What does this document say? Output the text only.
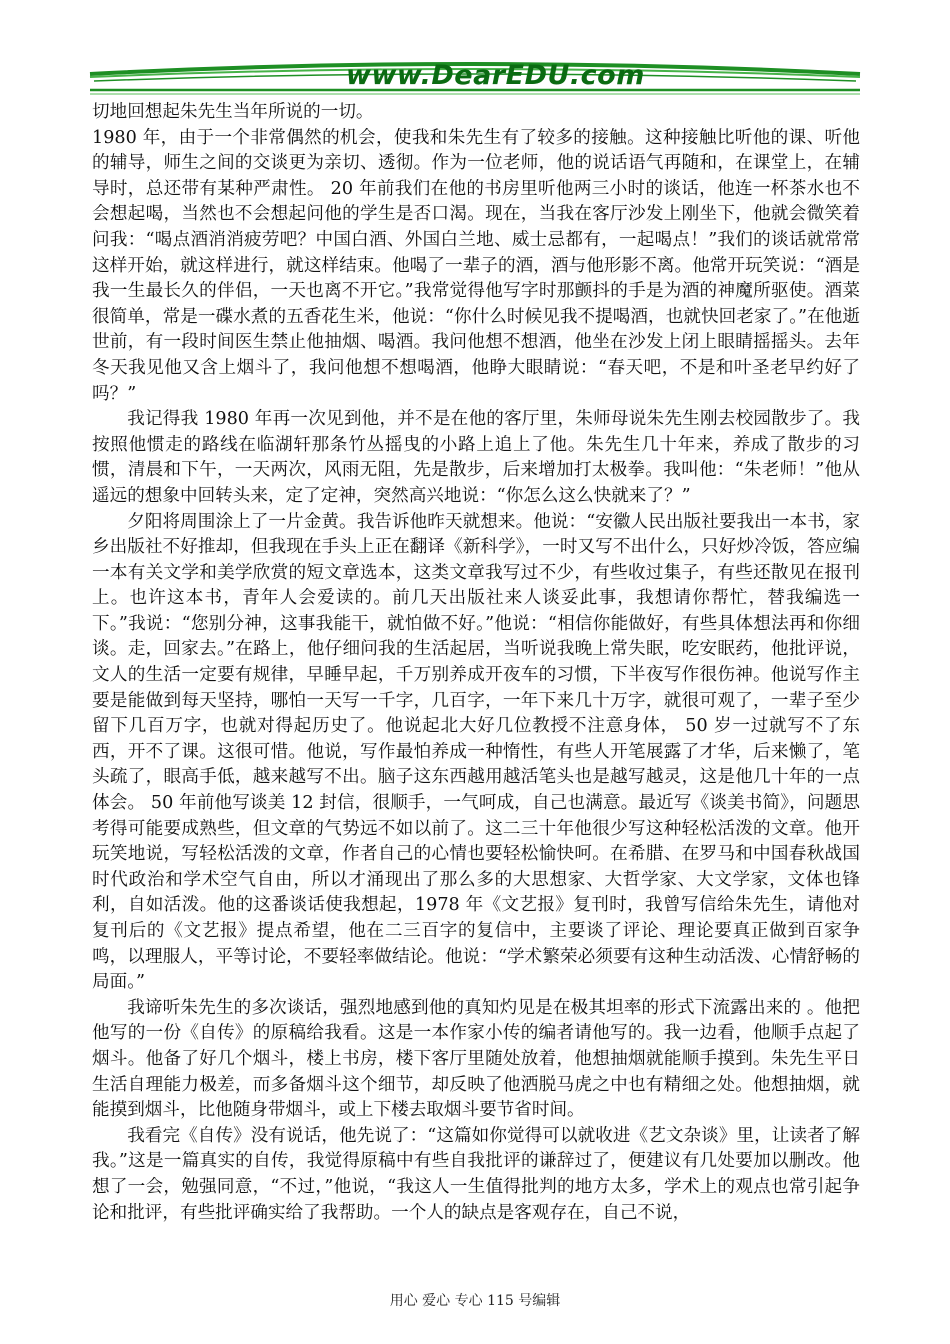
www.DearEDU.com

切地回想起朱先生当年所说的一切。

1980 年，由于一个非常偶然的机会，使我和朱先生有了较多的接触。这种接触比听他的课、听他的辅导，师生之间的交谈更为亲切、透彻。作为一位老师，他的说话语气再随和，在课堂上，在辅导时，总还带有某种严肃性。 20 年前我们在他的书房里听他两三小时的谈话，他连一杯茶水也不会想起喝，当然也不会想起问他的学生是否口渴。现在，当我在客厅沙发上刚坐下，他就会微笑着问我：“喝点酒消消疲劳吧？中国白酒、外国白兰地、威士忌都有，一起喝点！”我们的谈话就常常这样开始，就这样进行，就这样结束。他喝了一辈子的酒，酒与他形影不离。他常开玩笑说：“酒是我一生最长久的伴侣，一天也离不开它。”我常觉得他写字时那颤抖的手是为酒的神魔所驱使。酒菜很简单，常是一碟水煮的五香花生米，他说：“你什么时候见我不提喝酒，也就快回老家了。”在他逝世前，有一段时间医生禁止他抽烟、喝酒。我问他想不想酒，他坐在沙发上闭上眼睛摇摇头。去年冬天我见他又含上烟斗了，我问他想不想喝酒，他睁大眼睛说：“春天吧，不是和叶圣老早约好了吗？”

我记得我 1980 年再一次见到他，并不是在他的客厅里，朱师母说朱先生刚去校园散步了。我按照他惯走的路线在临湖轩那条竹丛摇曳的小路上追上了他。朱先生几十年来，养成了散步的习惯，清晨和下午，一天两次，风雨无阻，先是散步，后来增加打太极拳。我叫他：“朱老师！”他从遥远的想象中回转头来，定了定神，突然高兴地说：“你怎么这么快就来了？”

夕阳将周围涂上了一片金黄。我告诉他昨天就想来。他说：“安徽人民出版社要我出一本书，家乡出版社不好推却，但我现在手头上正在翻译《新科学》，一时又写不出什么，只好炒冷饭，答应编一本有关文学和美学欣赏的短文章选本，这类文章我写过不少，有些收过集子，有些还散见在报刊上。也许这本书，青年人会爱读的。前几天出版社来人谈妥此事，我想请你帮忙，替我编选一下。”我说：“您别分神，这事我能干，就怕做不好。”他说：“相信你能做好，有些具体想法再和你细谈。走，回家去。”在路上，他仔细问我的生活起居，当听说我晚上常失眠，吃安眠药，他批评说，文人的生活一定要有规律，早睡早起，千万别养成开夜车的习惯，下半夜写作很伤神。他说写作主要是能做到每天坚持，哪怕一天写一千字，几百字，一年下来几十万字，就很可观了，一辈子至少留下几百万字，也就对得起历史了。他说起北大好几位教授不注意身体， 50 岁一过就写不了东西，开不了课。这很可惜。他说，写作最怕养成一种惰性，有些人开笔展露了才华，后来懒了，笔头疏了，眼高手低，越来越写不出。脑子这东西越用越活笔头也是越写越灵，这是他几十年的一点体会。 50 年前他写谈美 12 封信，很顺手，一气呵成，自己也满意。最近写《谈美书简》，问题思考得可能要成熟些，但文章的气势远不如以前了。这二三十年他很少写这种轻松活泼的文章。他开玩笑地说，写轻松活泼的文章，作者自己的心情也要轻松愉快呵。在希腊、在罗马和中国春秋战国时代政治和学术空气自由，所以才涌现出了那么多的大思想家、大哲学家、大文学家，文体也锋利，自如活泼。他的这番谈话使我想起，1978 年《文艺报》复刊时，我曾写信给朱先生，请他对复刊后的《文艺报》提点希望，他在二三百字的复信中，主要谈了评论、理论要真正做到百家争鸣，以理服人，平等讨论，不要轻率做结论。他说：“学术繁荣必须要有这种生动活泼、心情舒畅的局面。”

我谛听朱先生的多次谈话，强烈地感到他的真知灼见是在极其坦率的形式下流露出来的 。他把他写的一份《自传》的原稿给我看。这是一本作家小传的编者请他写的。我一边看，他顺手点起了烟斗。他备了好几个烟斗，楼上书房，楼下客厅里随处放着，他想抽烟就能顺手摸到。朱先生平日生活自理能力极差，而多备烟斗这个细节，却反映了他洒脱马虎之中也有精细之处。他想抽烟，就能摸到烟斗，比他随身带烟斗，或上下楼去取烟斗要节省时间。

我看完《自传》没有说话，他先说了：“这篇如你觉得可以就收进《艺文杂谈》里，让读者了解我。”这是一篇真实的自传，我觉得原稿中有些自我批评的谦辞过了，便建议有几处要加以删改。他想了一会，勉强同意，“不过，”他说，“我这人一生值得批判的地方太多，学术上的观点也常引起争论和批评，有些批评确实给了我帮助。一个人的缺点是客观存在，自己不说，

用心 爱心 专心 115 号编辑
